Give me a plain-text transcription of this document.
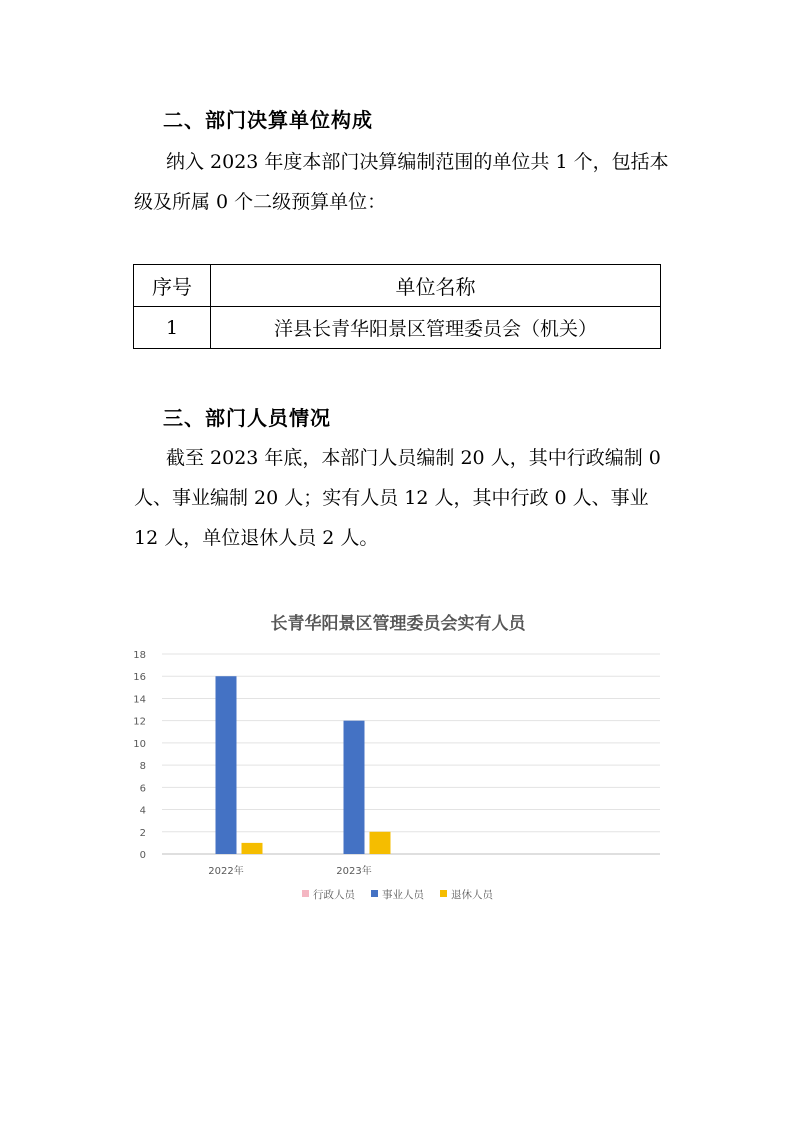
二、部门决算单位构成
纳入 2023 年度本部门决算编制范围的单位共 1 个，包括本级及所属 0 个二级预算单位：
序号	单位名称
1	洋县长青华阳景区管理委员会（机关）
三、部门人员情况
截至 2023 年底，本部门人员编制 20 人，其中行政编制 0 人、事业编制 20 人；实有人员 12 人，其中行政 0 人、事业 12 人，单位退休人员 2 人。
长青华阳景区管理委员会实有人员
0
2
4
6
8
10
12
14
16
18
2022年	2023年
行政人员	事业人员	退休人员
